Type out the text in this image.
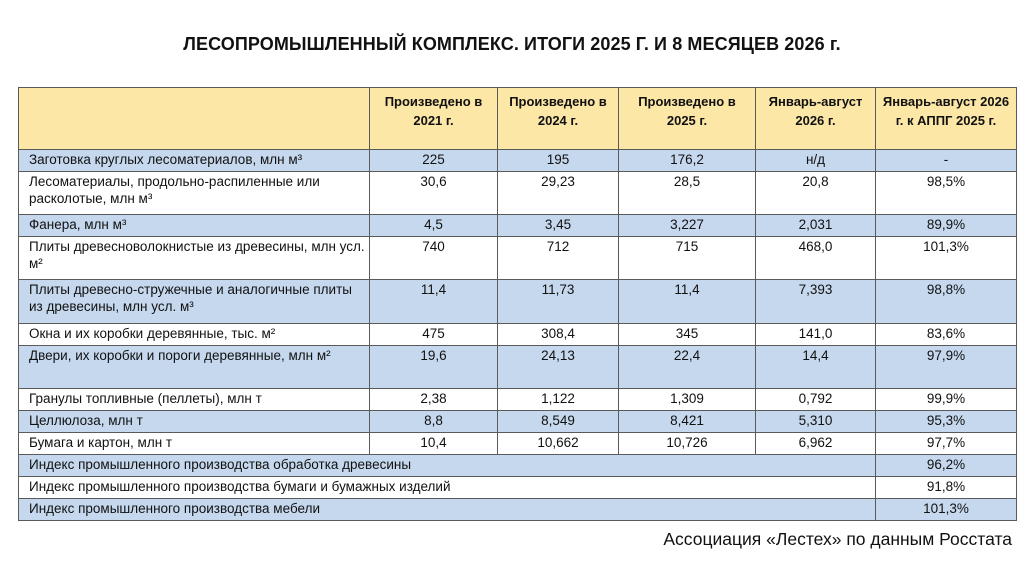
ЛЕСОПРОМЫШЛЕННЫЙ КОМПЛЕКС. ИТОГИ 2025 Г. И 8 МЕСЯЦЕВ 2026 г.
	Произведено в 2021 г.	Произведено в 2024 г.	Произведено в 2025 г.	Январь-август 2026 г.	Январь-август 2026 г. к АППГ 2025 г.
Заготовка круглых лесоматериалов, млн м³	225	195	176,2	н/д	-
Лесоматериалы, продольно-распиленные или расколотые, млн м³	30,6	29,23	28,5	20,8	98,5%
Фанера, млн м³	4,5	3,45	3,227	2,031	89,9%
Плиты древесноволокнистые из древесины, млн усл. м²	740	712	715	468,0	101,3%
Плиты древесно-стружечные и аналогичные плиты из древесины, млн усл. м³	11,4	11,73	11,4	7,393	98,8%
Окна и их коробки деревянные, тыс. м²	475	308,4	345	141,0	83,6%
Двери, их коробки и пороги деревянные, млн м²	19,6	24,13	22,4	14,4	97,9%
Гранулы топливные (пеллеты), млн т	2,38	1,122	1,309	0,792	99,9%
Целлюлоза, млн т	8,8	8,549	8,421	5,310	95,3%
Бумага и картон, млн т	10,4	10,662	10,726	6,962	97,7%
Индекс промышленного производства обработка древесины					96,2%
Индекс промышленного производства бумаги и бумажных изделий					91,8%
Индекс промышленного производства мебели					101,3%
Ассоциация «Лестех» по данным Росстата
